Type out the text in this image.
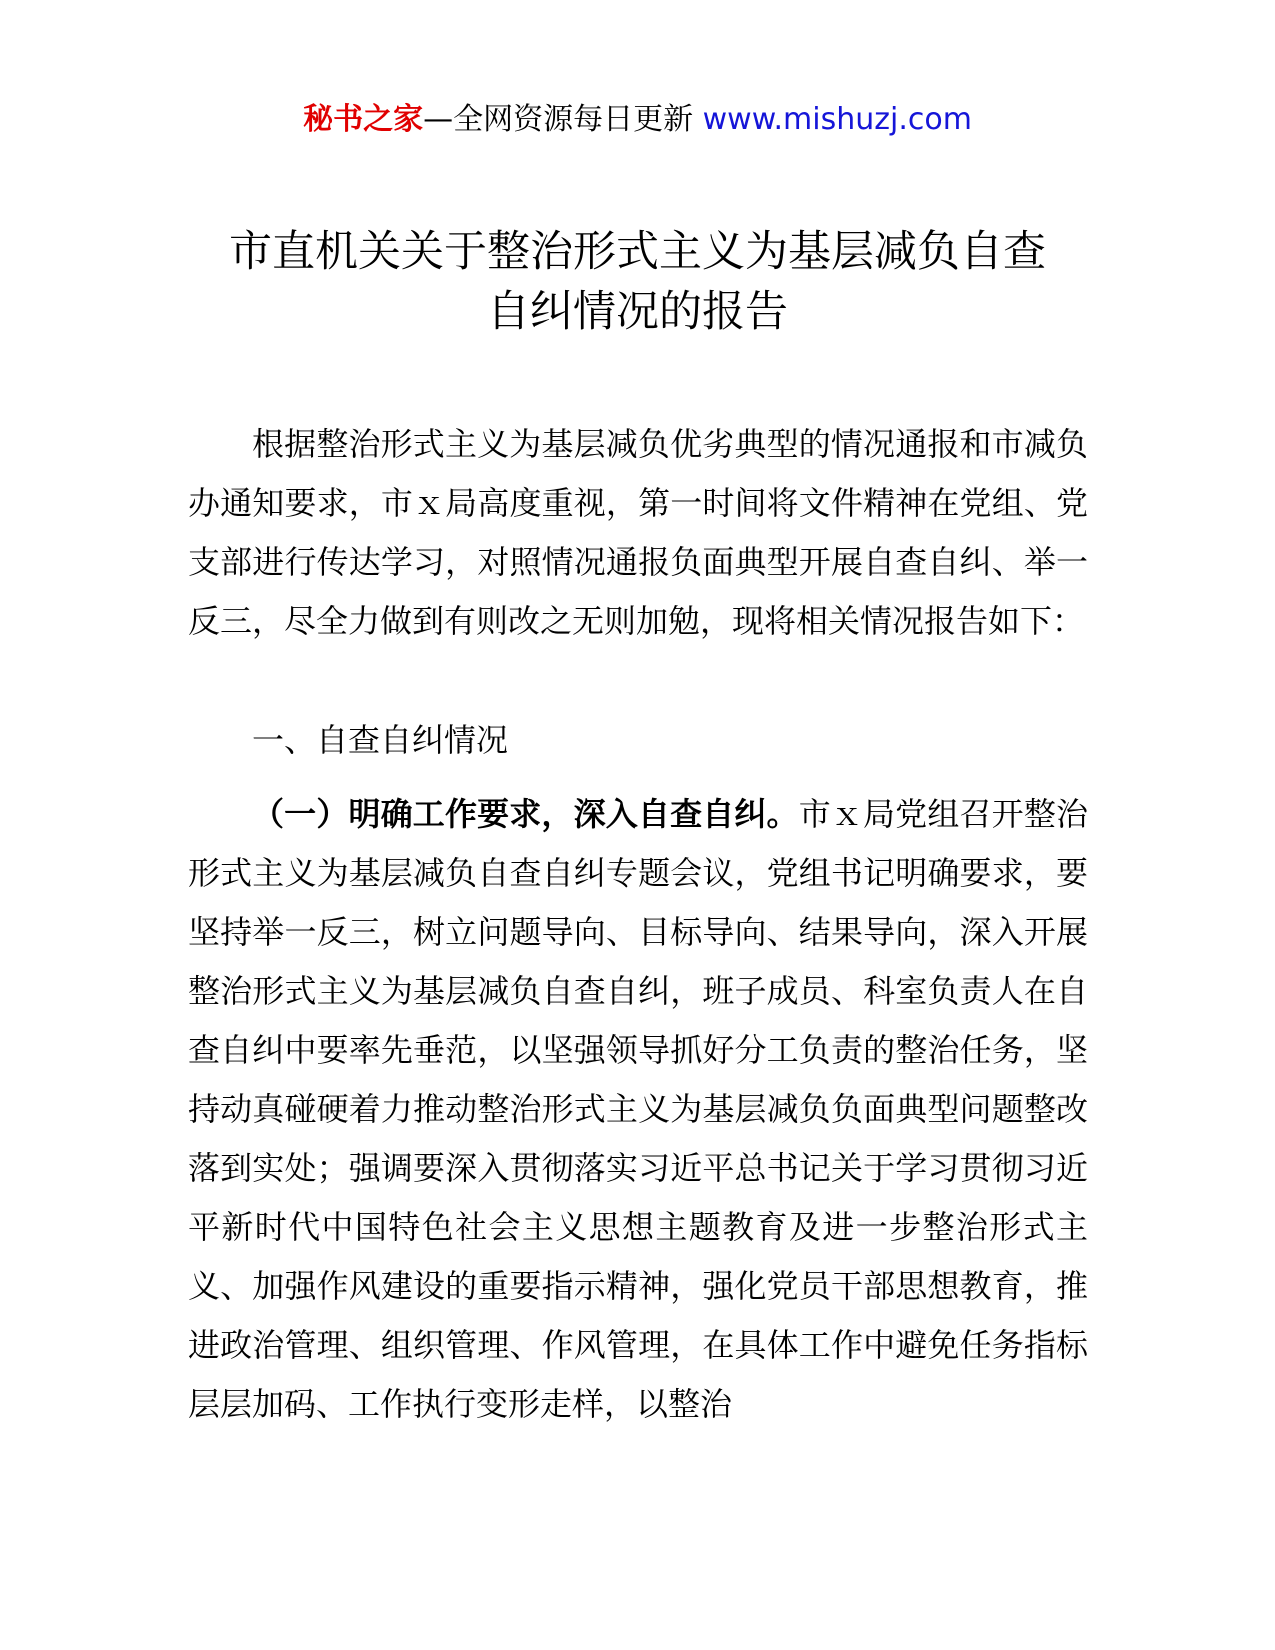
秘书之家—全网资源每日更新 www.mishuzj.com
市直机关关于整治形式主义为基层减负自查
自纠情况的报告

根据整治形式主义为基层减负优劣典型的情况通报和市减负办通知要求，市ｘ局高度重视，第一时间将文件精神在党组、党支部进行传达学习，对照情况通报负面典型开展自查自纠、举一反三，尽全力做到有则改之无则加勉，现将相关情况报告如下：

一、自查自纠情况

（一）明确工作要求，深入自查自纠。市ｘ局党组召开整治形式主义为基层减负自查自纠专题会议，党组书记明确要求，要坚持举一反三，树立问题导向、目标导向、结果导向，深入开展整治形式主义为基层减负自查自纠，班子成员、科室负责人在自查自纠中要率先垂范，以坚强领导抓好分工负责的整治任务，坚持动真碰硬着力推动整治形式主义为基层减负负面典型问题整改落到实处；强调要深入贯彻落实习近平总书记关于学习贯彻习近平新时代中国特色社会主义思想主题教育及进一步整治形式主义、加强作风建设的重要指示精神，强化党员干部思想教育，推进政治管理、组织管理、作风管理，在具体工作中避免任务指标层层加码、工作执行变形走样，以整治
